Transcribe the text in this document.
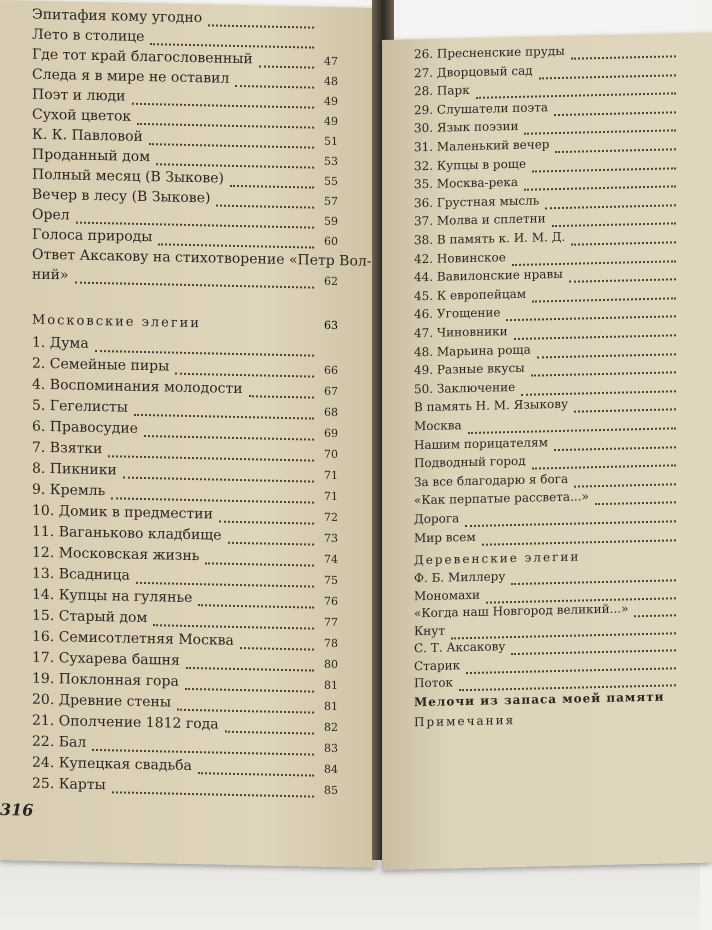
Эпитафия кому угодно
Лето в столице
Где тот край благословенный	47
Следа я в мире не оставил	48
Поэт и люди	49
Сухой цветок	49
К. К. Павловой	51
Проданный дом	53
Полный месяц (В Зыкове)	55
Вечер в лесу (В Зыкове)	57
Орел	59
Голоса природы	60
Ответ Аксакову на стихотворение «Петр Вол-
ний»	62
Московские элегии	63
1. Дума
2. Семейные пиры	66
4. Воспоминания молодости	67
5. Гегелисты	68
6. Правосудие	69
7. Взятки	70
8. Пикники	71
9. Кремль	71
10. Домик в предместии	72
11. Ваганьково кладбище	73
12. Московская жизнь	74
13. Всадница	75
14. Купцы на гулянье	76
15. Старый дом	77
16. Семисотлетняя Москва	78
17. Сухарева башня	80
19. Поклонная гора	81
20. Древние стены	81
21. Ополчение 1812 года	82
22. Бал	83
24. Купецкая свадьба	84
25. Карты	85
316
26. Пресненские пруды
27. Дворцовый сад
28. Парк
29. Слушатели поэта
30. Язык поэзии
31. Маленький вечер
32. Купцы в роще
35. Москва-река
36. Грустная мысль
37. Молва и сплетни
38. В память к. И. М. Д.
42. Новинское
44. Вавилонские нравы
45. К европейцам
46. Угощение
47. Чиновники
48. Марьина роща
49. Разные вкусы
50. Заключение
В память Н. М. Языкову
Москва
Нашим порицателям
Подводный город
За все благодарю я бога
«Как перпатые рассвета...»
Дорога
Мир всем
Деревенские элегии
Ф. Б. Миллеру
Мономахи
«Когда наш Новгород великий...»
Кнут
С. Т. Аксакову
Старик
Поток
Мелочи из запаса моей памяти
Примечания
